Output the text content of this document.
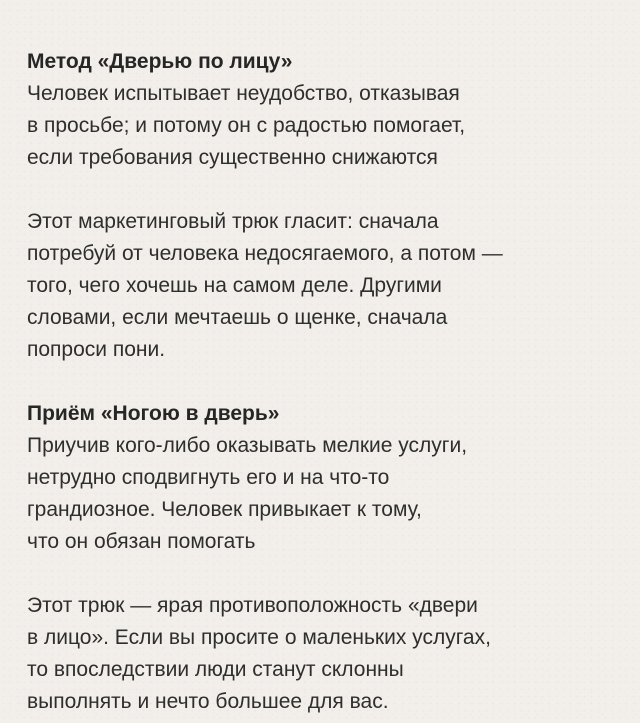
Метод «Дверью по лицу»

Человек испытывает неудобство, отказывая
в просьбе; и потому он с радостью помогает,
если требования существенно снижаются

Этот маркетинговый трюк гласит: сначала
потребуй от человека недосягаемого, а потом —
того, чего хочешь на самом деле. Другими
словами, если мечтаешь о щенке, сначала
попроси пони.

Приём «Ногою в дверь»

Приучив кого-либо оказывать мелкие услуги,
нетрудно сподвигнуть его и на что-то
грандиозное. Человек привыкает к тому,
что он обязан помогать

Этот трюк — ярая противоположность «двери
в лицо». Если вы просите о маленьких услугах,
то впоследствии люди станут склонны
выполнять и нечто большее для вас.
